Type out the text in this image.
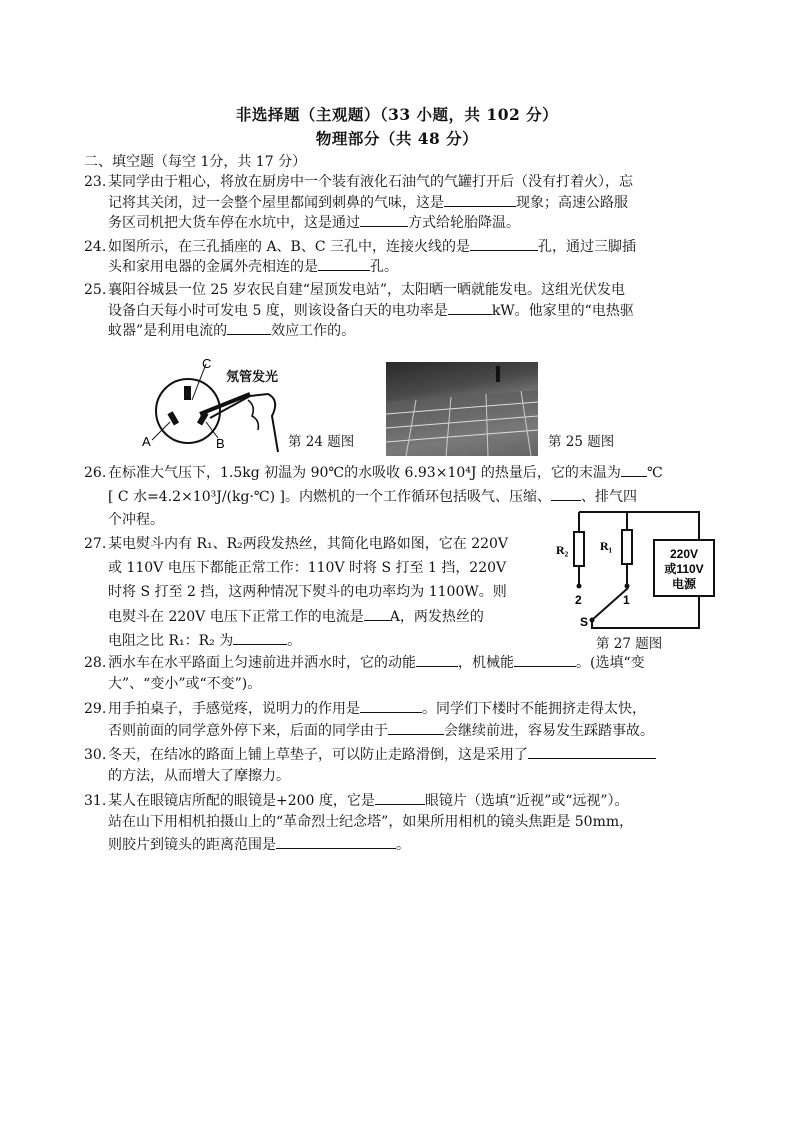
非选择题（主观题）（33 小题，共 102 分）
物理部分（共 48 分）
二、填空题（每空 1分，共 17 分）
23. 某同学由于粗心，将放在厨房中一个装有液化石油气的气罐打开后（没有打着火），忘
记将其关闭，过一会整个屋里都闻到刺鼻的气味，这是	现象；高速公路服
务区司机把大货车停在水坑中，这是通过	方式给轮胎降温。
24. 如图所示，在三孔插座的 A、B、C 三孔中，连接火线的是	孔，通过三脚插
头和家用电器的金属外壳相连的是	孔。
25. 襄阳谷城县一位 25 岁农民自建“屋顶发电站”，太阳晒一晒就能发电。这组光伏发电
设备白天每小时可发电 5 度，则该设备白天的电功率是	kW。他家里的“电热驱
蚊器”是利用电流的	效应工作的。
C
A	B
氖管发光
第 24 题图	第 25 题图
26. 在标准大气压下，1.5kg 初温为 90℃的水吸收 6.93×10⁴J 的热量后，它的末温为 ℃
[ C 水=4.2×10³J/(kg·℃) ]。内燃机的一个工作循环包括吸气、压缩、 、排气四
个冲程。
27. 某电熨斗内有 R₁、R₂两段发热丝，其简化电路如图，它在 220V
或 110V 电压下都能正常工作：110V 时将 S 打至 1 挡，220V
时将 S 打至 2 挡，这两种情况下熨斗的电功率均为 1100W。则
电熨斗在 220V 电压下正常工作的电流是 A，两发热丝的
电阻之比 R₁：R₂ 为	。
220V
或110V
电源
R₂	R₁
2	1
S
第 27 题图
28. 洒水车在水平路面上匀速前进并洒水时，它的动能	，机械能	。(选填“变
大”、“变小”或“不变”)。
29. 用手拍桌子，手感觉疼，说明力的作用是	。同学们下楼时不能拥挤走得太快，
否则前面的同学意外停下来，后面的同学由于	会继续前进，容易发生踩踏事故。
30. 冬天，在结冰的路面上铺上草垫子，可以防止走路滑倒，这是采用了
的方法，从而增大了摩擦力。
31. 某人在眼镜店所配的眼镜是+200 度，它是	眼镜片（选填“近视”或“远视”）。
站在山下用相机拍摄山上的“革命烈士纪念塔”，如果所用相机的镜头焦距是 50mm，
则胶片到镜头的距离范围是	。
